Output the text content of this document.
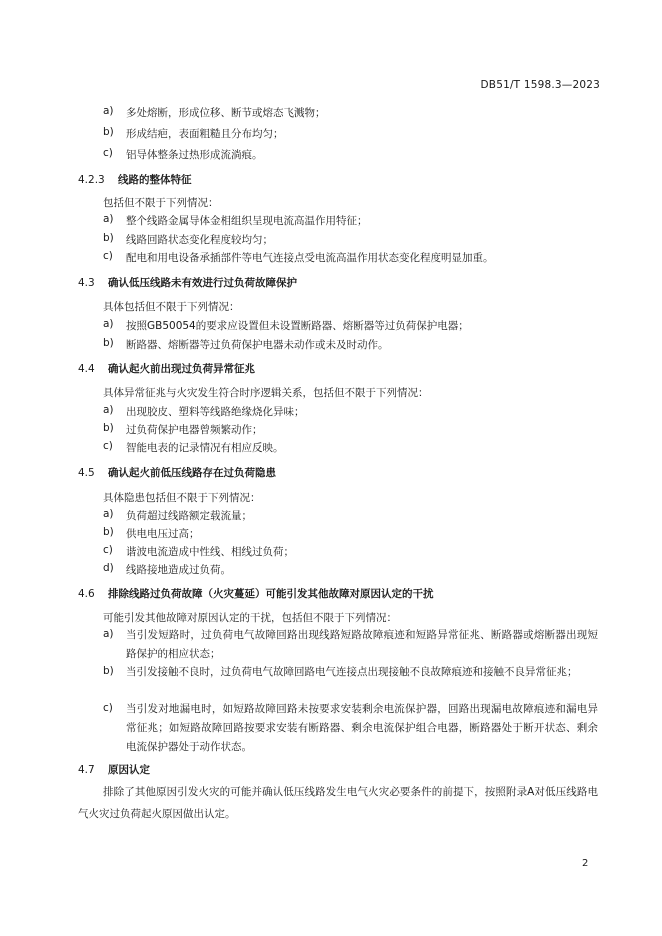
DB51/T 1598.3—2023
a) 多处熔断，形成位移、断节或熔态飞溅物；
b) 形成结疤，表面粗糙且分布均匀；
c) 铝导体整条过热形成流淌痕。
4.2.3 线路的整体特征
包括但不限于下列情况：
a) 整个线路金属导体金相组织呈现电流高温作用特征；
b) 线路回路状态变化程度较均匀；
c) 配电和用电设备承插部件等电气连接点受电流高温作用状态变化程度明显加重。
4.3 确认低压线路未有效进行过负荷故障保护
具体包括但不限于下列情况：
a) 按照GB50054的要求应设置但未设置断路器、熔断器等过负荷保护电器；
b) 断路器、熔断器等过负荷保护电器未动作或未及时动作。
4.4 确认起火前出现过负荷异常征兆
具体异常征兆与火灾发生符合时序逻辑关系，包括但不限于下列情况：
a) 出现胶皮、塑料等线路绝缘烧化异味；
b) 过负荷保护电器曾频繁动作；
c) 智能电表的记录情况有相应反映。
4.5 确认起火前低压线路存在过负荷隐患
具体隐患包括但不限于下列情况：
a) 负荷超过线路额定载流量；
b) 供电电压过高；
c) 谐波电流造成中性线、相线过负荷；
d) 线路接地造成过负荷。
4.6 排除线路过负荷故障（火灾蔓延）可能引发其他故障对原因认定的干扰
可能引发其他故障对原因认定的干扰，包括但不限于下列情况：
a) 当引发短路时，过负荷电气故障回路出现线路短路故障痕迹和短路异常征兆、断路器或熔断器出现短路保护的相应状态；
b) 当引发接触不良时，过负荷电气故障回路电气连接点出现接触不良故障痕迹和接触不良异常征兆；
c) 当引发对地漏电时，如短路故障回路未按要求安装剩余电流保护器，回路出现漏电故障痕迹和漏电异常征兆；如短路故障回路按要求安装有断路器、剩余电流保护组合电器，断路器处于断开状态、剩余电流保护器处于动作状态。
4.7 原因认定
排除了其他原因引发火灾的可能并确认低压线路发生电气火灾必要条件的前提下，按照附录A对低压线路电气火灾过负荷起火原因做出认定。
2
